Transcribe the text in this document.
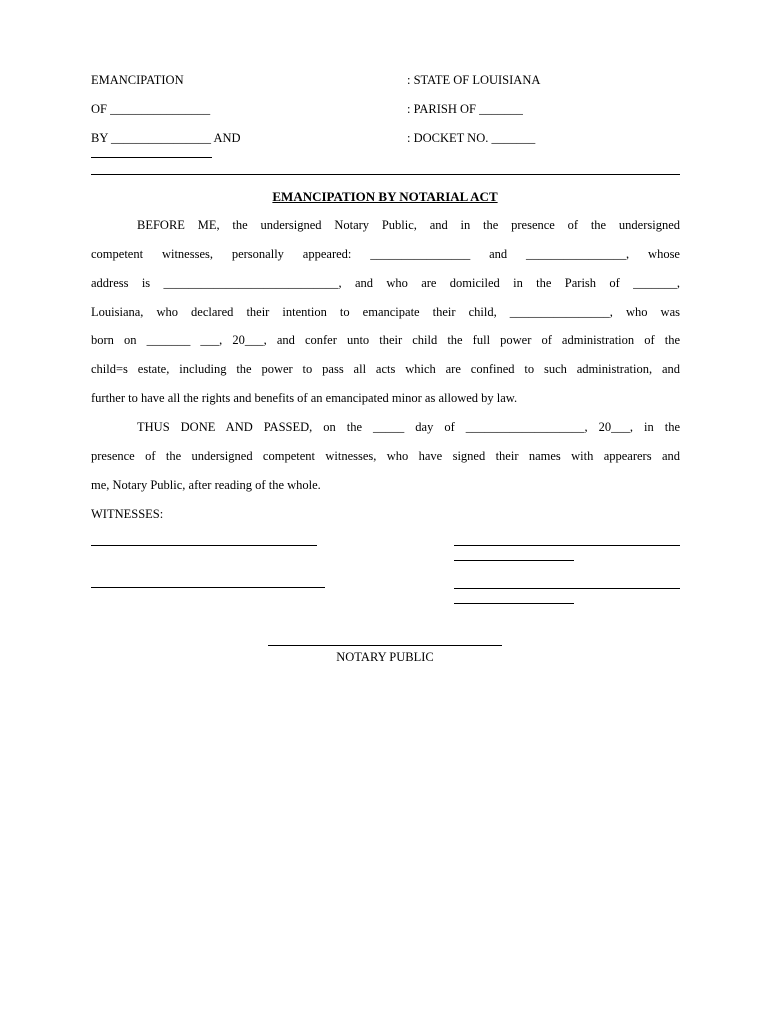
EMANCIPATION
OF ________________
BY ________________ AND
: STATE OF LOUISIANA
: PARISH OF _______
: DOCKET NO. _______
EMANCIPATION BY NOTARIAL ACT
BEFORE ME, the undersigned Notary Public, and in the presence of the undersigned
competent witnesses, personally appeared: ________________ and ________________, whose
address is ____________________________, and who are domiciled in the Parish of _______,
Louisiana, who declared their intention to emancipate their child, ________________, who was
born on _______ ___, 20___, and confer unto their child the full power of administration of the
child=s estate, including the power to pass all acts which are confined to such administration, and
further to have all the rights and benefits of an emancipated minor as allowed by law.
THUS DONE AND PASSED, on the _____ day of ___________________, 20___, in the
presence of the undersigned competent witnesses, who have signed their names with appearers and
me, Notary Public, after reading of the whole.
WITNESSES:
NOTARY PUBLIC
